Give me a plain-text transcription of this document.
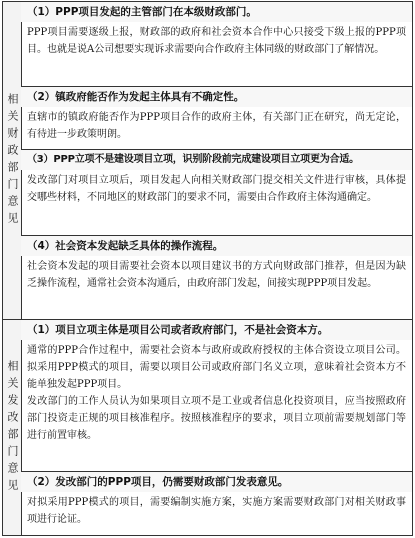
相关财政部门意见
（1）PPP项目发起的主管部门在本级财政部门。

PPP项目需要逐级上报，财政部的政府和社会资本合作中心只接受下级上报的PPP项目。也就是说A公司想要实现诉求需要向合作政府主体同级的财政部门了解情况。

（2）镇政府能否作为发起主体具有不确定性。

直辖市的镇政府能否作为PPP项目合作的政府主体，有关部门正在研究，尚无定论，有待进一步政策明朗。

（3）PPP立项不是建设项目立项，识别阶段前完成建设项目立项更为合适。

发改部门对项目立项后，项目发起人向相关财政部门提交相关文件进行审核，具体提交哪些材料，不同地区的财政部门的要求不同，需要由合作政府主体沟通确定。

（4）社会资本发起缺乏具体的操作流程。

社会资本发起的项目需要社会资本以项目建议书的方式向财政部门推荐，但是因为缺乏操作流程，通常社会资本沟通后，由政府部门发起，间接实现PPP项目发起。

相关发改部门意见
（1）项目立项主体是项目公司或者政府部门，不是社会资本方。

通常的PPP合作过程中，需要社会资本与政府或政府授权的主体合资设立项目公司。拟采用PPP模式的项目，需要以项目公司或政府部门名义立项，意味着社会资本方不能单独发起PPP项目。

发改部门的工作人员认为如果项目立项不是工业或者信息化投资项目，应当按照政府部门投资走正规的项目核准程序。按照核准程序的要求，项目立项前需要规划部门等进行前置审核。

（2）发改部门的PPP项目，仍需要财政部门发表意见。

对拟采用PPP模式的项目，需要编制实施方案，实施方案需要财政部门对相关财政事项进行论证。
